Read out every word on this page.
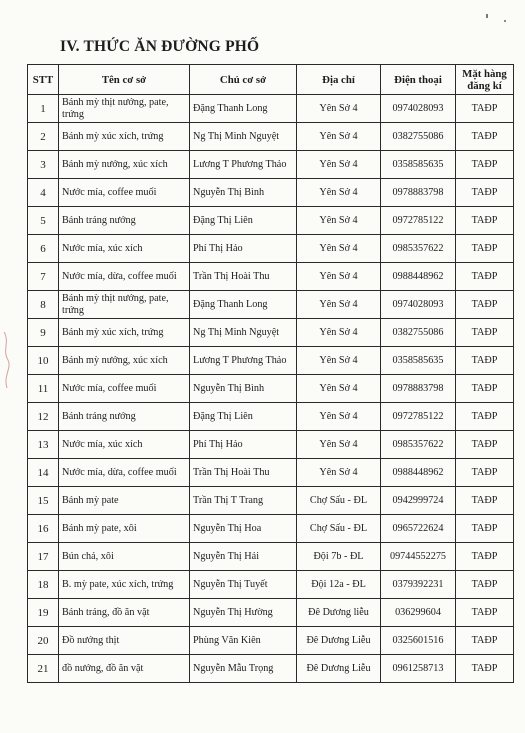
IV. THỨC ĂN ĐƯỜNG PHỐ
STT	Tên cơ sở	Chủ cơ sở	Địa chỉ	Điện thoại	Mặt hàng đăng kí
1	Bánh mỳ thịt nướng, pate, trứng	Đặng Thanh Long	Yên Sở 4	0974028093	TAĐP
2	Bánh mỳ xúc xích, trứng	Ng Thị Minh Nguyệt	Yên Sở 4	0382755086	TAĐP
3	Bánh mỳ nướng, xúc xích	Lương T Phương Thảo	Yên Sở 4	0358585635	TAĐP
4	Nước mía, coffee muối	Nguyễn Thị Bình	Yên Sở 4	0978883798	TAĐP
5	Bánh tráng nướng	Đặng Thị Liên	Yên Sở 4	0972785122	TAĐP
6	Nước mía, xúc xích	Phí Thị Hảo	Yên Sở 4	0985357622	TAĐP
7	Nước mía, dừa, coffee muối	Trần Thị Hoài Thu	Yên Sở 4	0988448962	TAĐP
8	Bánh mỳ thịt nướng, pate, trứng	Đặng Thanh Long	Yên Sở 4	0974028093	TAĐP
9	Bánh mỳ xúc xích, trứng	Ng Thị Minh Nguyệt	Yên Sở 4	0382755086	TAĐP
10	Bánh mỳ nướng, xúc xích	Lương T Phương Thảo	Yên Sở 4	0358585635	TAĐP
11	Nước mía, coffee muối	Nguyễn Thị Bình	Yên Sở 4	0978883798	TAĐP
12	Bánh tráng nướng	Đặng Thị Liên	Yên Sở 4	0972785122	TAĐP
13	Nước mía, xúc xích	Phí Thị Hảo	Yên Sở 4	0985357622	TAĐP
14	Nước mía, dừa, coffee muối	Trần Thị Hoài Thu	Yên Sở 4	0988448962	TAĐP
15	Bánh mỳ pate	Trần Thị T Trang	Chợ Sấu - ĐL	0942999724	TAĐP
16	Bánh mỳ pate, xôi	Nguyễn Thị Hoa	Chợ Sấu - ĐL	0965722624	TAĐP
17	Bún chả, xôi	Nguyễn Thị Hải	Đội 7b - ĐL	09744552275	TAĐP
18	B. mỳ pate, xúc xích, trứng	Nguyễn Thị Tuyết	Đội 12a - ĐL	0379392231	TAĐP
19	Bánh tráng, đồ ăn vặt	Nguyễn Thị Hường	Đê Dương liễu	036299604	TAĐP
20	Đồ nướng thịt	Phùng Văn Kiên	Đê Dương Liễu	0325601516	TAĐP
21	đồ nướng, đồ ăn vặt	Nguyễn Mẫu Trọng	Đê Dương Liễu	0961258713	TAĐP
